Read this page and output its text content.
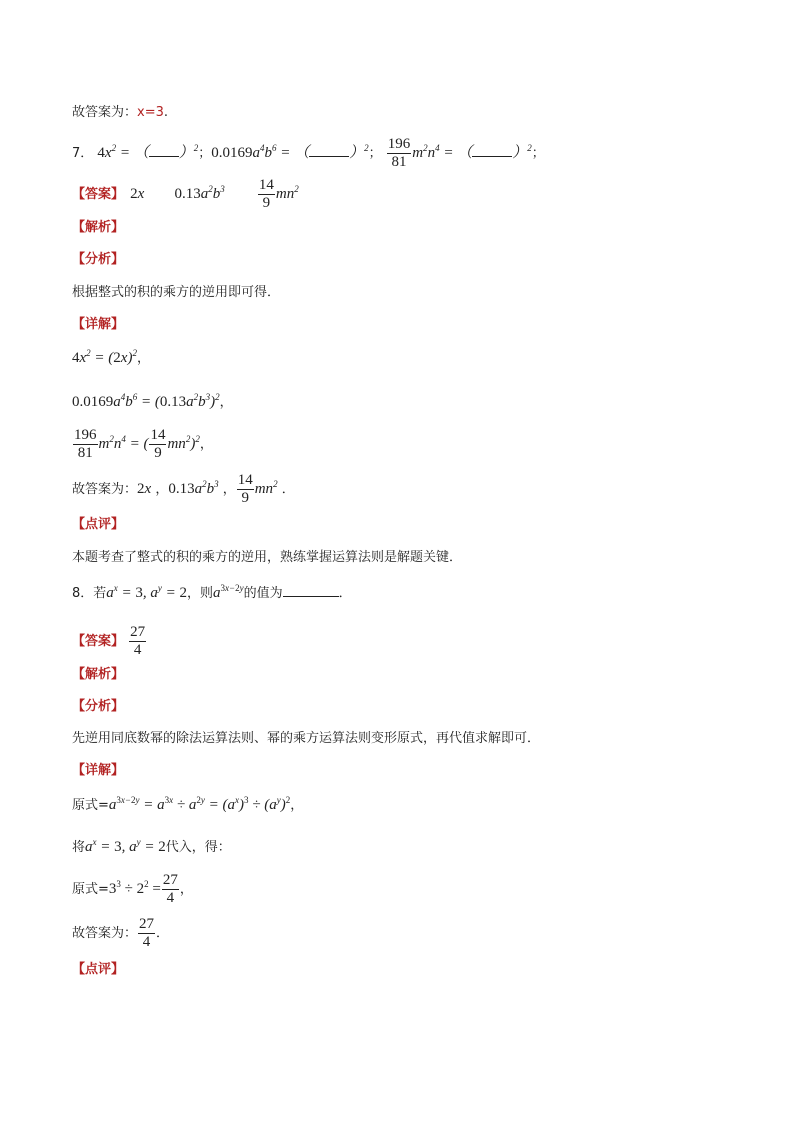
故答案为：x=3.
7． $4x^2$ = （ ）$^2$；$0.0169a^4b^6$ = （	）$^2$； $\frac{196}{81} m^2n^4$ = （	）$^2$；
【答案】 2x $0.13a^2b^3 \frac{14}{9} mn^2$
【解析】
【分析】
根据整式的积的乘方的逆用即可得．
【详解】
$4x^2 = (2x)^2$，
$0.0169a^4b^6 = (0.13a^2b^3)^2$，
$\frac{196}{81} m^2n^4$ = ( $\frac{14}{9} mn^2)^2$，
故答案为：2x ，$0.13a^2b^3$ ， $\frac{14}{9} mn^2$ ．
【点评】
本题考查了整式的积的乘方的逆用，熟练掌握运算法则是解题关键．
8．若$a^x = 3$, $a^y = 2$，则$a^{3x-2y}$的值为	．
【答案】 $\frac{27}{4}$
【解析】
【分析】
先逆用同底数幂的除法运算法则、幂的乘方运算法则变形原式，再代值求解即可．
【详解】
原式$=a^{3x-2y} = a^{3x} \div a^{2y} = (a^x)^3 \div (a^y)^2$，
将$a^x = 3$, $a^y = 2$代入，得：
原式$=3^3 \div 2^2 = \frac{27}{4}$ ，
故答案为： $\frac{27}{4}$ ．
【点评】
